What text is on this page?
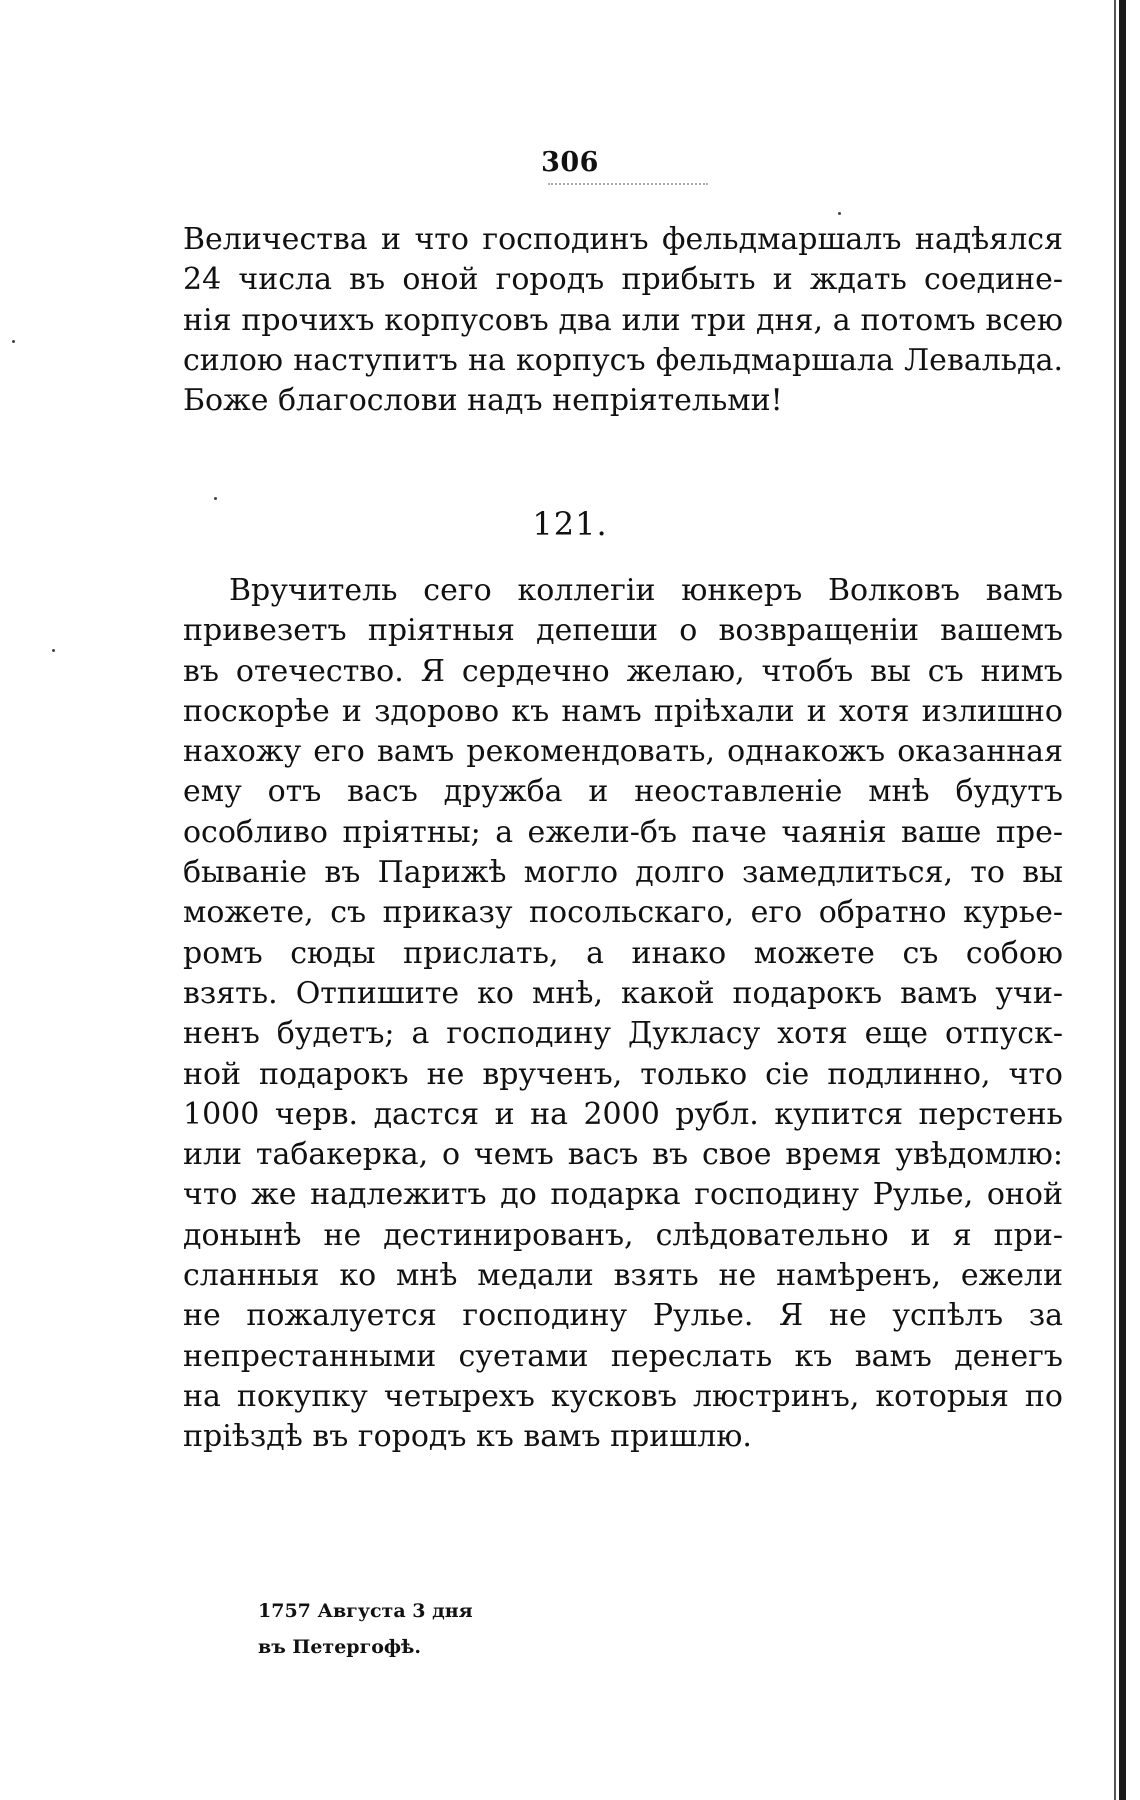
306
Величества и что господинъ фельдмаршалъ надѣялся
24 числа въ оной городъ прибыть и ждать соедине-
нія прочихъ корпусовъ два или три дня, а потомъ всею
силою наступитъ на корпусъ фельдмаршала Левальда.
Боже благослови надъ непріятельми!
121.
Вручитель сего коллегіи юнкеръ Волковъ вамъ
привезетъ пріятныя депеши о возвращеніи вашемъ
въ отечество. Я сердечно желаю, чтобъ вы съ нимъ
поскорѣе и здорово къ намъ пріѣхали и хотя излишно
нахожу его вамъ рекомендовать, однакожъ оказанная
ему отъ васъ дружба и неоставленіе мнѣ будутъ
особливо пріятны; а ежели-бъ паче чаянія ваше пре-
бываніе въ Парижѣ могло долго замедлиться, то вы
можете, съ приказу посольскаго, его обратно курье-
ромъ сюды прислать, а инако можете съ собою
взять. Отпишите ко мнѣ, какой подарокъ вамъ учи-
ненъ будетъ; а господину Дукласу хотя еще отпуск-
ной подарокъ не врученъ, только сіе подлинно, что
1000 черв. дастся и на 2000 рубл. купится перстень
или табакерка, о чемъ васъ въ свое время увѣдомлю:
что же надлежитъ до подарка господину Рулье, оной
донынѣ не дестинированъ, слѣдовательно и я при-
сланныя ко мнѣ медали взять не намѣренъ, ежели
не пожалуется господину Рулье. Я не успѣлъ за
непрестанными суетами переслать къ вамъ денегъ
на покупку четырехъ кусковъ люстринъ, которыя по
пріѣздѣ въ городъ къ вамъ пришлю.
1757 Августа 3 дня
въ Петергофѣ.
